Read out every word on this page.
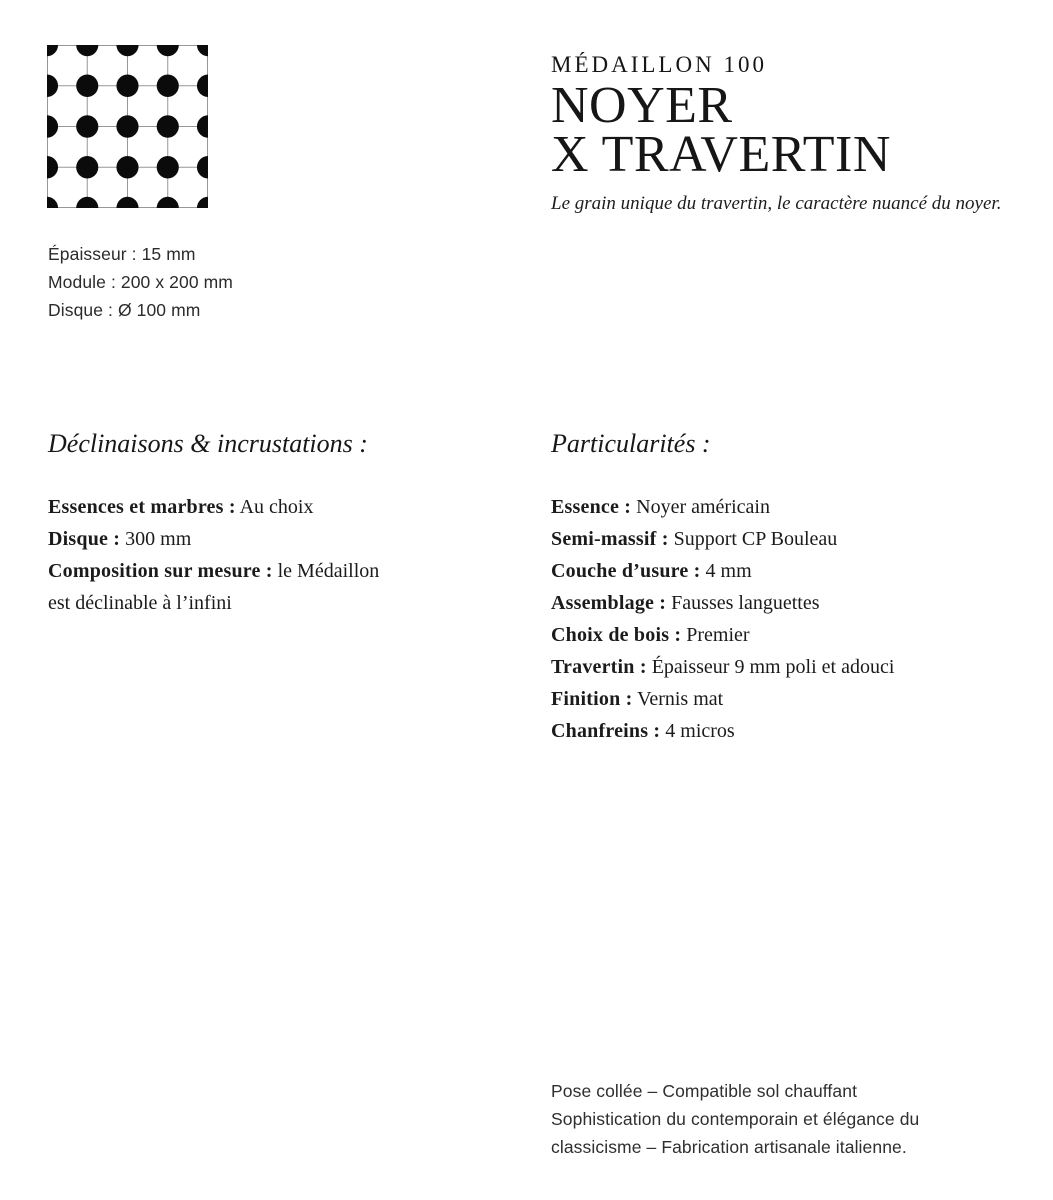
Épaisseur : 15 mm
Module : 200 x 200 mm
Disque : Ø 100 mm
MÉDAILLON 100
NOYER
X TRAVERTIN
Le grain unique du travertin, le caractère nuancé du noyer.
Déclinaisons & incrustations :	Particularités :
Essences et marbres : Au choix
Disque : 300 mm
Composition sur mesure : le Médaillon est déclinable à l’infini
Essence : Noyer américain
Semi-massif : Support CP Bouleau
Couche d’usure : 4 mm
Assemblage : Fausses languettes
Choix de bois : Premier
Travertin : Épaisseur 9 mm poli et adouci
Finition : Vernis mat
Chanfreins : 4 micros
Pose collée – Compatible sol chauffant
Sophistication du contemporain et élégance du
classicisme – Fabrication artisanale italienne.
